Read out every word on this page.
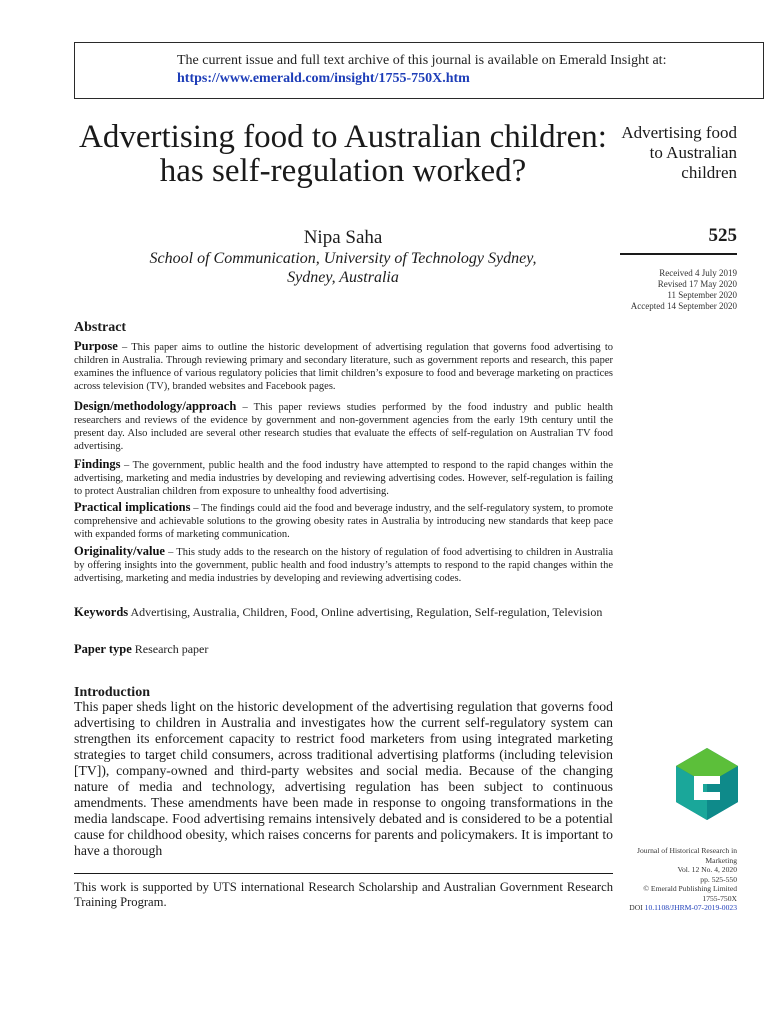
The current issue and full text archive of this journal is available on Emerald Insight at:
https://www.emerald.com/insight/1755-750X.htm
Advertising food to Australian children: has self-regulation worked?
Nipa Saha
School of Communication, University of Technology Sydney, Sydney, Australia
Advertising food to Australian children
525
Received 4 July 2019
Revised 17 May 2020
11 September 2020
Accepted 14 September 2020
Abstract
Purpose – This paper aims to outline the historic development of advertising regulation that governs food advertising to children in Australia. Through reviewing primary and secondary literature, such as government reports and research, this paper examines the influence of various regulatory policies that limit children’s exposure to food and beverage marketing on practices across television (TV), branded websites and Facebook pages.
Design/methodology/approach – This paper reviews studies performed by the food industry and public health researchers and reviews of the evidence by government and non-government agencies from the early 19th century until the present day. Also included are several other research studies that evaluate the effects of self-regulation on Australian TV food advertising.
Findings – The government, public health and the food industry have attempted to respond to the rapid changes within the advertising, marketing and media industries by developing and reviewing advertising codes. However, self-regulation is failing to protect Australian children from exposure to unhealthy food advertising.
Practical implications – The findings could aid the food and beverage industry, and the self-regulatory system, to promote comprehensive and achievable solutions to the growing obesity rates in Australia by introducing new standards that keep pace with expanded forms of marketing communication.
Originality/value – This study adds to the research on the history of regulation of food advertising to children in Australia by offering insights into the government, public health and food industry’s attempts to respond to the rapid changes within the advertising, marketing and media industries by developing and reviewing advertising codes.
Keywords Advertising, Australia, Children, Food, Online advertising, Regulation, Self-regulation, Television
Paper type Research paper
Introduction
This paper sheds light on the historic development of the advertising regulation that governs food advertising to children in Australia and investigates how the current self-regulatory system can strengthen its enforcement capacity to restrict food marketers from using integrated marketing strategies to target child consumers, across traditional advertising platforms (including television [TV]), company-owned and third-party websites and social media. Because of the changing nature of media and technology, advertising regulation has been subject to continuous amendments. These amendments have been made in response to ongoing transformations in the media landscape. Food advertising remains intensively debated and is considered to be a potential cause for childhood obesity, which raises concerns for parents and policymakers. It is important to have a thorough
This work is supported by UTS international Research Scholarship and Australian Government Research Training Program.
Journal of Historical Research in Marketing
Vol. 12 No. 4, 2020
pp. 525-550
© Emerald Publishing Limited
1755-750X
DOI 10.1108/JHRM-07-2019-0023
